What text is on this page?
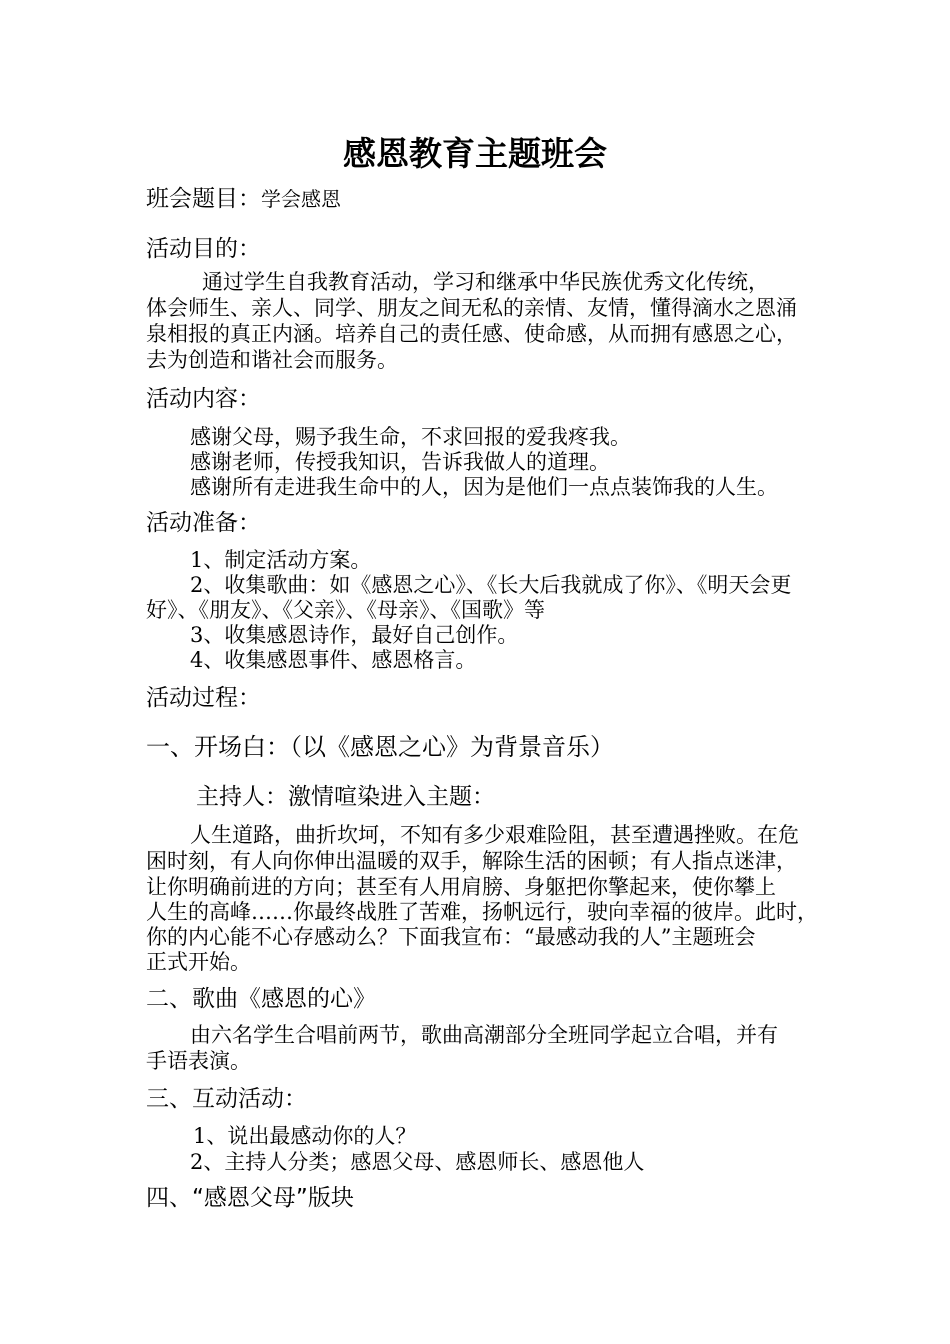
感恩教育主题班会
班会题目：学会感恩
活动目的：
通过学生自我教育活动，学习和继承中华民族优秀文化传统，
体会师生、亲人、同学、朋友之间无私的亲情、友情，懂得滴水之恩涌
泉相报的真正内涵。培养自己的责任感、使命感，从而拥有感恩之心，
去为创造和谐社会而服务。
活动内容：
感谢父母，赐予我生命，不求回报的爱我疼我。
感谢老师，传授我知识，告诉我做人的道理。
感谢所有走进我生命中的人，因为是他们一点点装饰我的人生。
活动准备：
1、制定活动方案。
2、收集歌曲：如《感恩之心》、《长大后我就成了你》、《明天会更
好》、《朋友》、《父亲》、《母亲》、《国歌》等
3、收集感恩诗作，最好自己创作。
4、收集感恩事件、感恩格言。
活动过程：
一、开场白：（以《感恩之心》为背景音乐）
主持人：激情喧染进入主题：
人生道路，曲折坎坷，不知有多少艰难险阻，甚至遭遇挫败。在危
困时刻，有人向你伸出温暖的双手，解除生活的困顿；有人指点迷津，
让你明确前进的方向；甚至有人用肩膀、身躯把你擎起来，使你攀上
人生的高峰……你最终战胜了苦难，扬帆远行，驶向幸福的彼岸。此时，
你的内心能不心存感动么？下面我宣布：“最感动我的人”主题班会
正式开始。
二、歌曲《感恩的心》
由六名学生合唱前两节，歌曲高潮部分全班同学起立合唱，并有
手语表演。
三、互动活动：
1、说出最感动你的人？
2、主持人分类；感恩父母、感恩师长、感恩他人
四、“感恩父母”版块
